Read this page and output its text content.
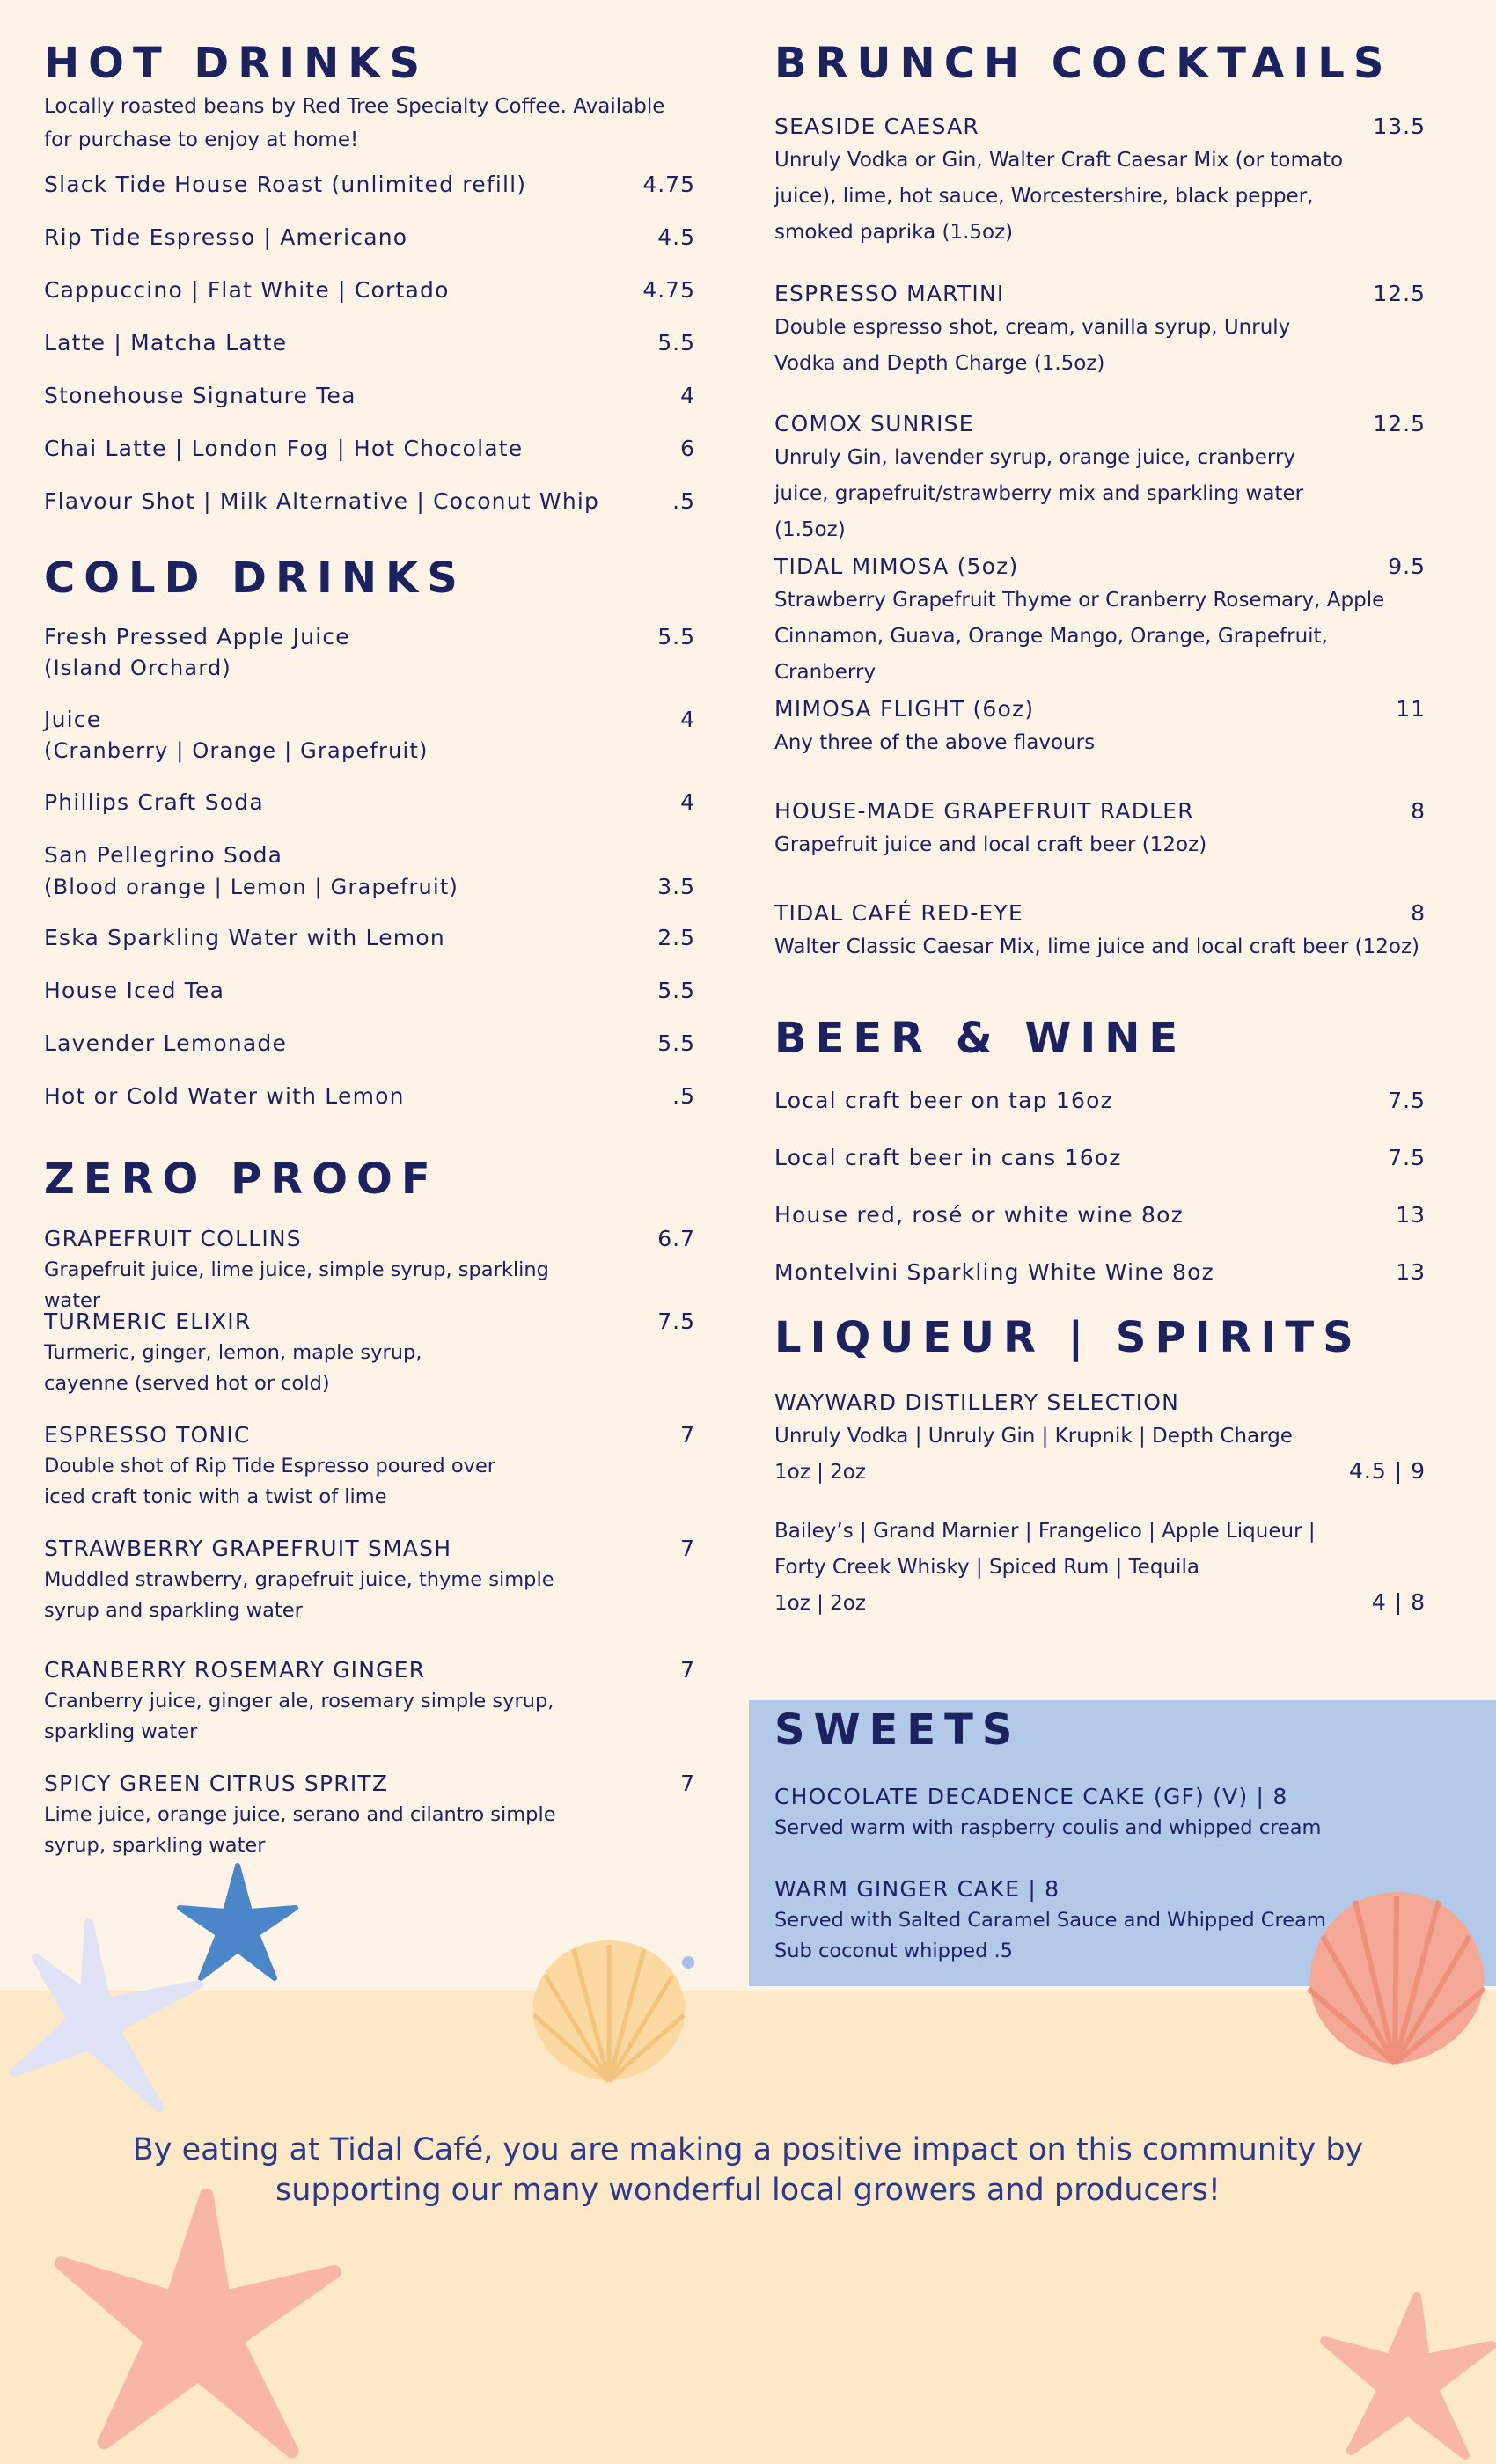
HOT DRINKS
Locally roasted beans by Red Tree Specialty Coffee. Available for purchase to enjoy at home!
Slack Tide House Roast (unlimited refill)	4.75
Rip Tide Espresso | Americano	4.5
Cappuccino | Flat White | Cortado	4.75
Latte | Matcha Latte	5.5
Stonehouse Signature Tea	4
Chai Latte | London Fog | Hot Chocolate	6
Flavour Shot | Milk Alternative | Coconut Whip	.5
COLD DRINKS
Fresh Pressed Apple Juice	5.5
(Island Orchard)
Juice	4
(Cranberry | Orange | Grapefruit)
Phillips Craft Soda	4
San Pellegrino Soda
(Blood orange | Lemon | Grapefruit)	3.5
Eska Sparkling Water with Lemon	2.5
House Iced Tea	5.5
Lavender Lemonade	5.5
Hot or Cold Water with Lemon	.5
ZERO PROOF
GRAPEFRUIT COLLINS	6.7
Grapefruit juice, lime juice, simple syrup, sparkling water
TURMERIC ELIXIR	7.5
Turmeric, ginger, lemon, maple syrup, cayenne (served hot or cold)
ESPRESSO TONIC	7
Double shot of Rip Tide Espresso poured over iced craft tonic with a twist of lime
STRAWBERRY GRAPEFRUIT SMASH	7
Muddled strawberry, grapefruit juice, thyme simple syrup and sparkling water
CRANBERRY ROSEMARY GINGER	7
Cranberry juice, ginger ale, rosemary simple syrup, sparkling water
SPICY GREEN CITRUS SPRITZ	7
Lime juice, orange juice, serano and cilantro simple syrup, sparkling water
BRUNCH COCKTAILS
SEASIDE CAESAR	13.5
Unruly Vodka or Gin, Walter Craft Caesar Mix (or tomato juice), lime, hot sauce, Worcestershire, black pepper, smoked paprika (1.5oz)
ESPRESSO MARTINI	12.5
Double espresso shot, cream, vanilla syrup, Unruly Vodka and Depth Charge (1.5oz)
COMOX SUNRISE	12.5
Unruly Gin, lavender syrup, orange juice, cranberry juice, grapefruit/strawberry mix and sparkling water (1.5oz)
TIDAL MIMOSA (5oz)	9.5
Strawberry Grapefruit Thyme or Cranberry Rosemary, Apple Cinnamon, Guava, Orange Mango, Orange, Grapefruit, Cranberry
MIMOSA FLIGHT (6oz)	11
Any three of the above flavours
HOUSE-MADE GRAPEFRUIT RADLER	8
Grapefruit juice and local craft beer (12oz)
TIDAL CAFÉ RED-EYE	8
Walter Classic Caesar Mix, lime juice and local craft beer (12oz)
BEER & WINE
Local craft beer on tap 16oz	7.5
Local craft beer in cans 16oz	7.5
House red, rosé or white wine 8oz	13
Montelvini Sparkling White Wine 8oz	13
LIQUEUR | SPIRITS
WAYWARD DISTILLERY SELECTION
Unruly Vodka | Unruly Gin | Krupnik | Depth Charge
1oz | 2oz	4.5 | 9
Bailey’s | Grand Marnier | Frangelico | Apple Liqueur |
Forty Creek Whisky | Spiced Rum | Tequila
1oz | 2oz	4 | 8
SWEETS
CHOCOLATE DECADENCE CAKE (GF) (V) | 8
Served warm with raspberry coulis and whipped cream
WARM GINGER CAKE | 8
Served with Salted Caramel Sauce and Whipped Cream
Sub coconut whipped .5
By eating at Tidal Café, you are making a positive impact on this community by supporting our many wonderful local growers and producers!
